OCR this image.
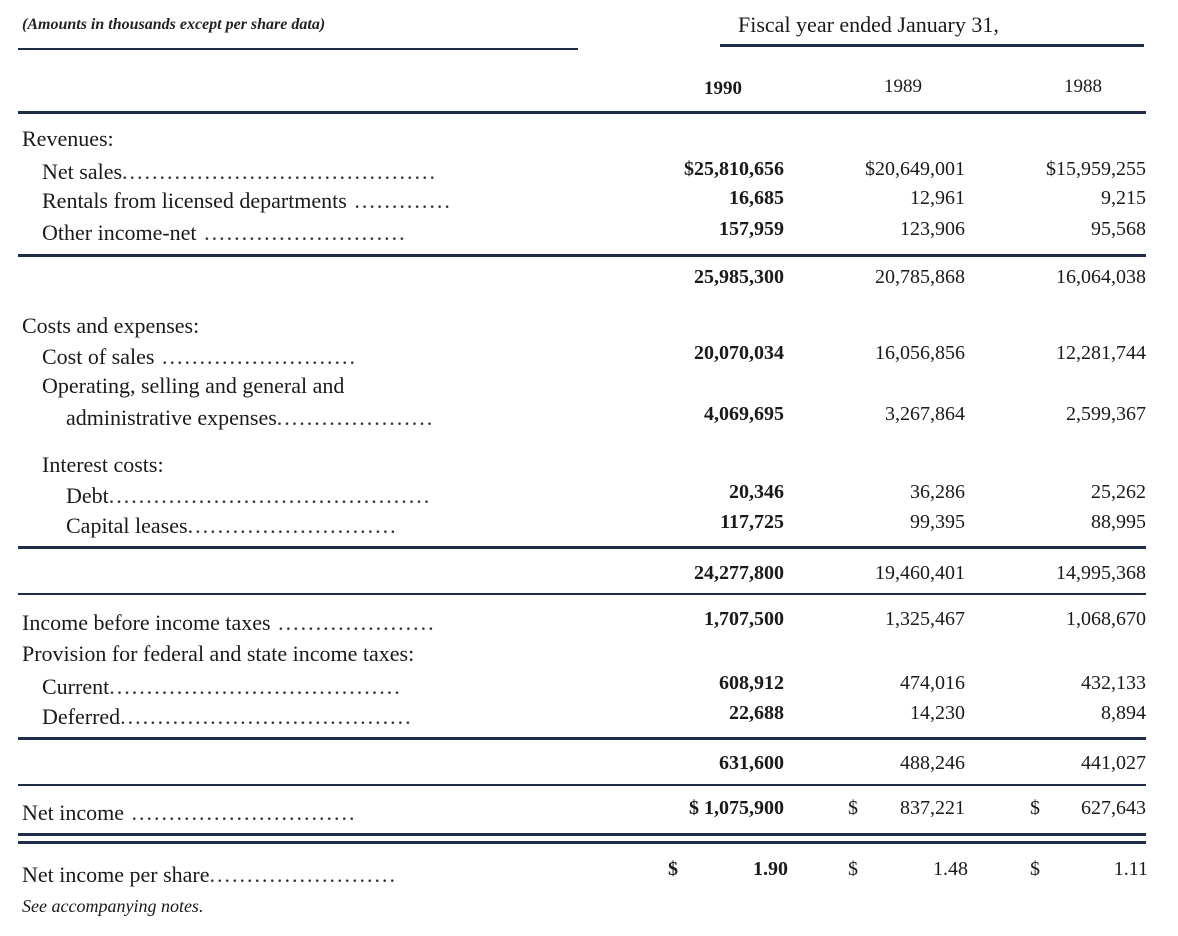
(Amounts in thousands except per share data)	Fiscal year ended January 31,
1990	1989	1988
Revenues:
Net sales..........................................	$25,810,656	$20,649,001	$15,959,255
Rentals from licensed departments .............	16,685	12,961	9,215
Other income-net ...........................	157,959	123,906	95,568
25,985,300	20,785,868	16,064,038
Costs and expenses:
Cost of sales ..........................	20,070,034	16,056,856	12,281,744
Operating, selling and general and
administrative expenses.....................	4,069,695	3,267,864	2,599,367
Interest costs:
Debt...........................................	20,346	36,286	25,262
Capital leases............................	117,725	99,395	88,995
24,277,800	19,460,401	14,995,368
Income before income taxes .....................	1,707,500	1,325,467	1,068,670
Provision for federal and state income taxes:
Current.......................................	608,912	474,016	432,133
Deferred.......................................	22,688	14,230	8,894
631,600	488,246	441,027
Net income ..............................	$ 1,075,900	$ 837,221	$ 627,643
Net income per share.........................	$	1.90	$	1.48	$	1.11
See accompanying notes.
